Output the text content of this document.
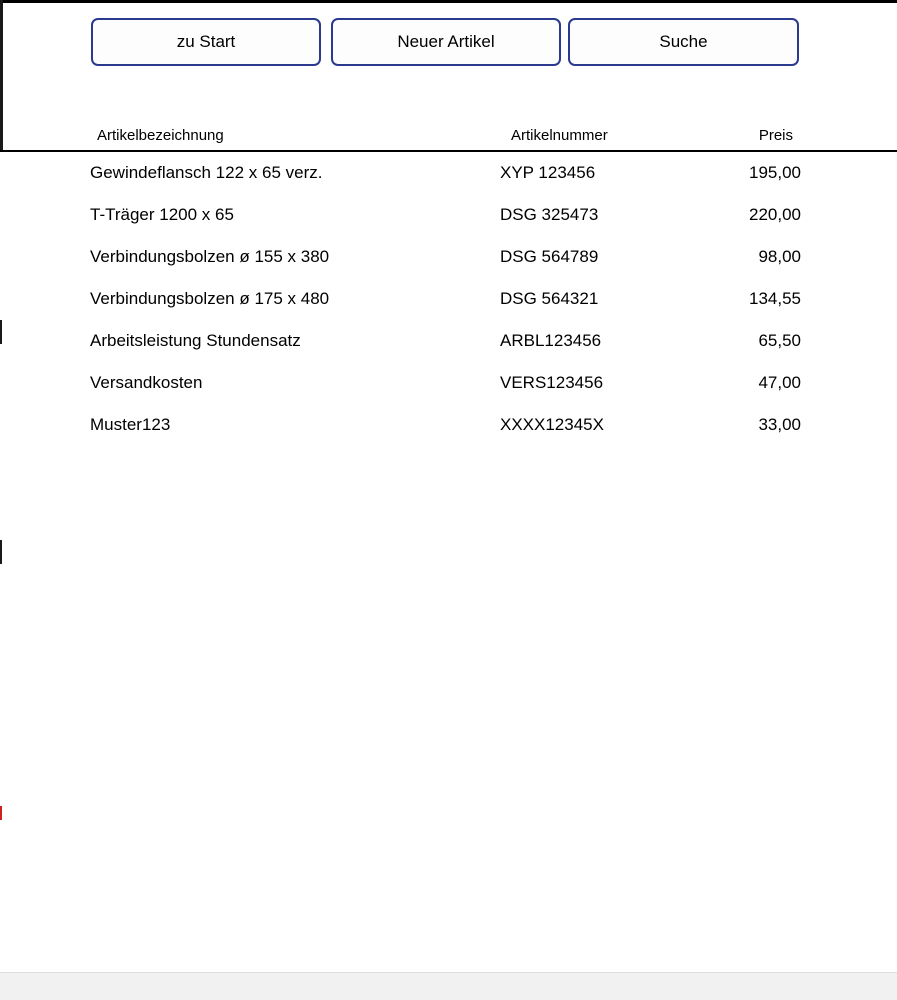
zu Start	Neuer Artikel	Suche
Artikelbezeichnung	Artikelnummer	Preis
Gewindeflansch 122 x 65 verz.	XYP 123456	195,00
T-Träger 1200 x 65	DSG 325473	220,00
Verbindungsbolzen ø 155 x 380	DSG 564789	98,00
Verbindungsbolzen ø 175 x 480	DSG 564321	134,55
Arbeitsleistung Stundensatz	ARBL123456	65,50
Versandkosten	VERS123456	47,00
Muster123	XXXX12345X	33,00
